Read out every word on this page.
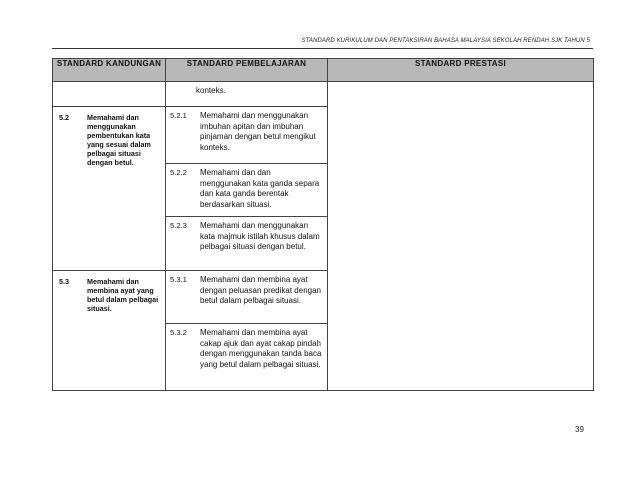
STANDARD KURIKULUM DAN PENTAKSIRAN BAHASA MALAYSIA SEKOLAH RENDAH SJK TAHUN 5
STANDARD KANDUNGAN	STANDARD PEMBELAJARAN	STANDARD PRESTASI

	konteks.	

5.2 Memahami dan menggunakan pembentukan kata yang sesuai dalam pelbagai situasi dengan betul.	5.2.1 Memahami dan menggunakan imbuhan apitan dan imbuhan pinjaman dengan betul mengikut konteks.	

	5.2.2 Memahami dan dan menggunakan kata ganda separa dan kata ganda berentak berdasarkan situasi.	

	5.2.3 Memahami dan menggunakan kata majmuk istilah khusus dalam pelbagai situasi dengan betul.	

5.3 Memahami dan membina ayat yang betul dalam pelbagai situasi.	5.3.1 Memahami dan membina ayat dengan peluasan predikat dengan betul dalam pelbagai situasi.	

	5.3.2 Memahami dan membina ayat cakap ajuk dan ayat cakap pindah dengan menggunakan tanda baca yang betul dalam pelbagai situasi.	
39
